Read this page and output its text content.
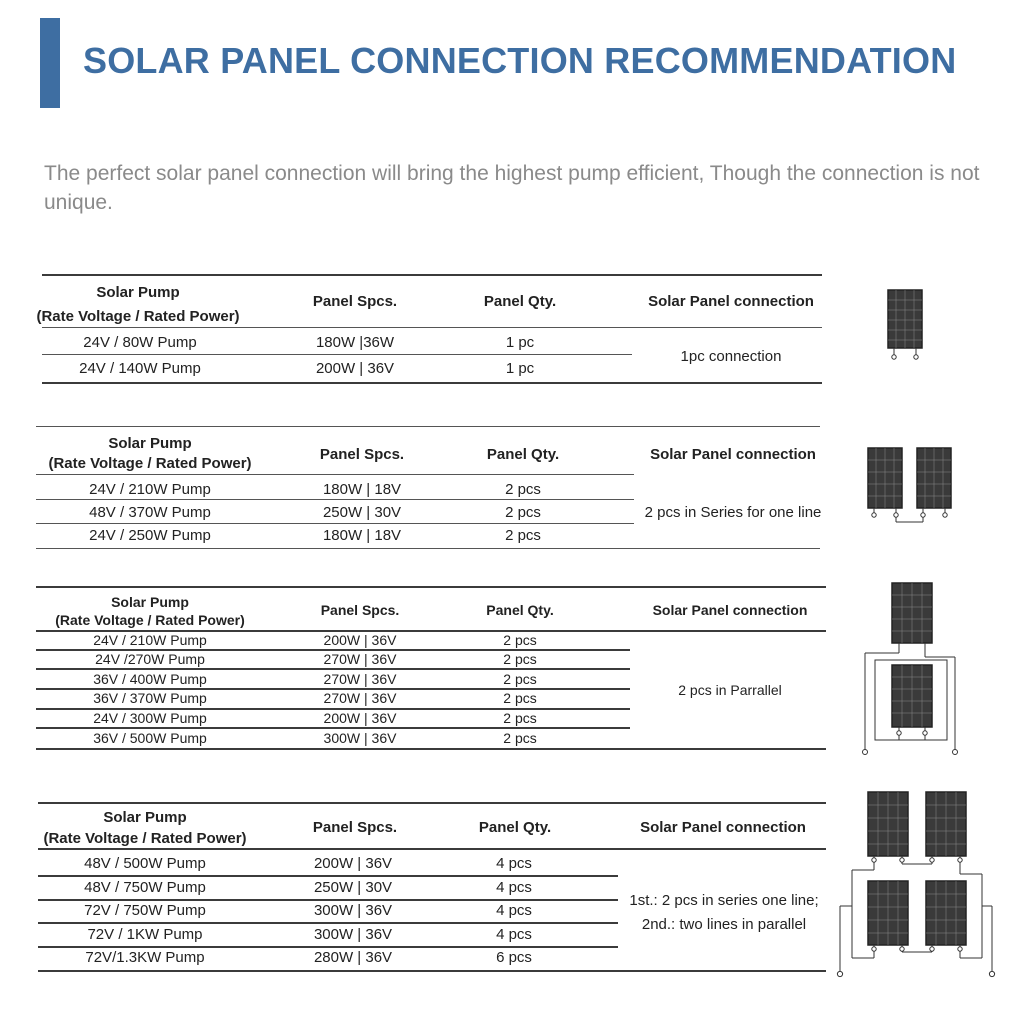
SOLAR PANEL CONNECTION RECOMMENDATION
The perfect solar panel connection will bring the highest pump efficient, Though the connection is not unique.
Solar Pump
(Rate Voltage / Rated Power)
Panel Spcs.	Panel Qty.	Solar Panel connection
24V / 80W Pump	180W |36W	1 pc
24V / 140W Pump	200W | 36V	1 pc
1pc connection
Solar Pump
(Rate Voltage / Rated Power)
Panel Spcs.	Panel Qty.	Solar Panel connection
24V / 210W Pump	180W | 18V	2 pcs
48V / 370W Pump	250W | 30V	2 pcs
24V / 250W Pump	180W | 18V	2 pcs
2 pcs in Series for one line
Solar Pump
(Rate Voltage / Rated Power)
Panel Spcs.	Panel Qty.	Solar Panel connection
24V / 210W Pump	200W | 36V	2 pcs
24V /270W Pump	270W | 36V	2 pcs
36V / 400W Pump	270W | 36V	2 pcs
36V / 370W Pump	270W | 36V	2 pcs
24V / 300W Pump	200W | 36V	2 pcs
36V / 500W Pump	300W | 36V	2 pcs
2 pcs in Parrallel
Solar Pump
(Rate Voltage / Rated Power)
Panel Spcs.	Panel Qty.	Solar Panel connection
48V / 500W Pump	200W | 36V	4 pcs
48V / 750W Pump	250W | 30V	4 pcs
72V / 750W Pump	300W | 36V	4 pcs
72V / 1KW Pump	300W | 36V	4 pcs
72V/1.3KW Pump	280W | 36V	6 pcs
1st.: 2 pcs in series one line;
2nd.: two lines in parallel
